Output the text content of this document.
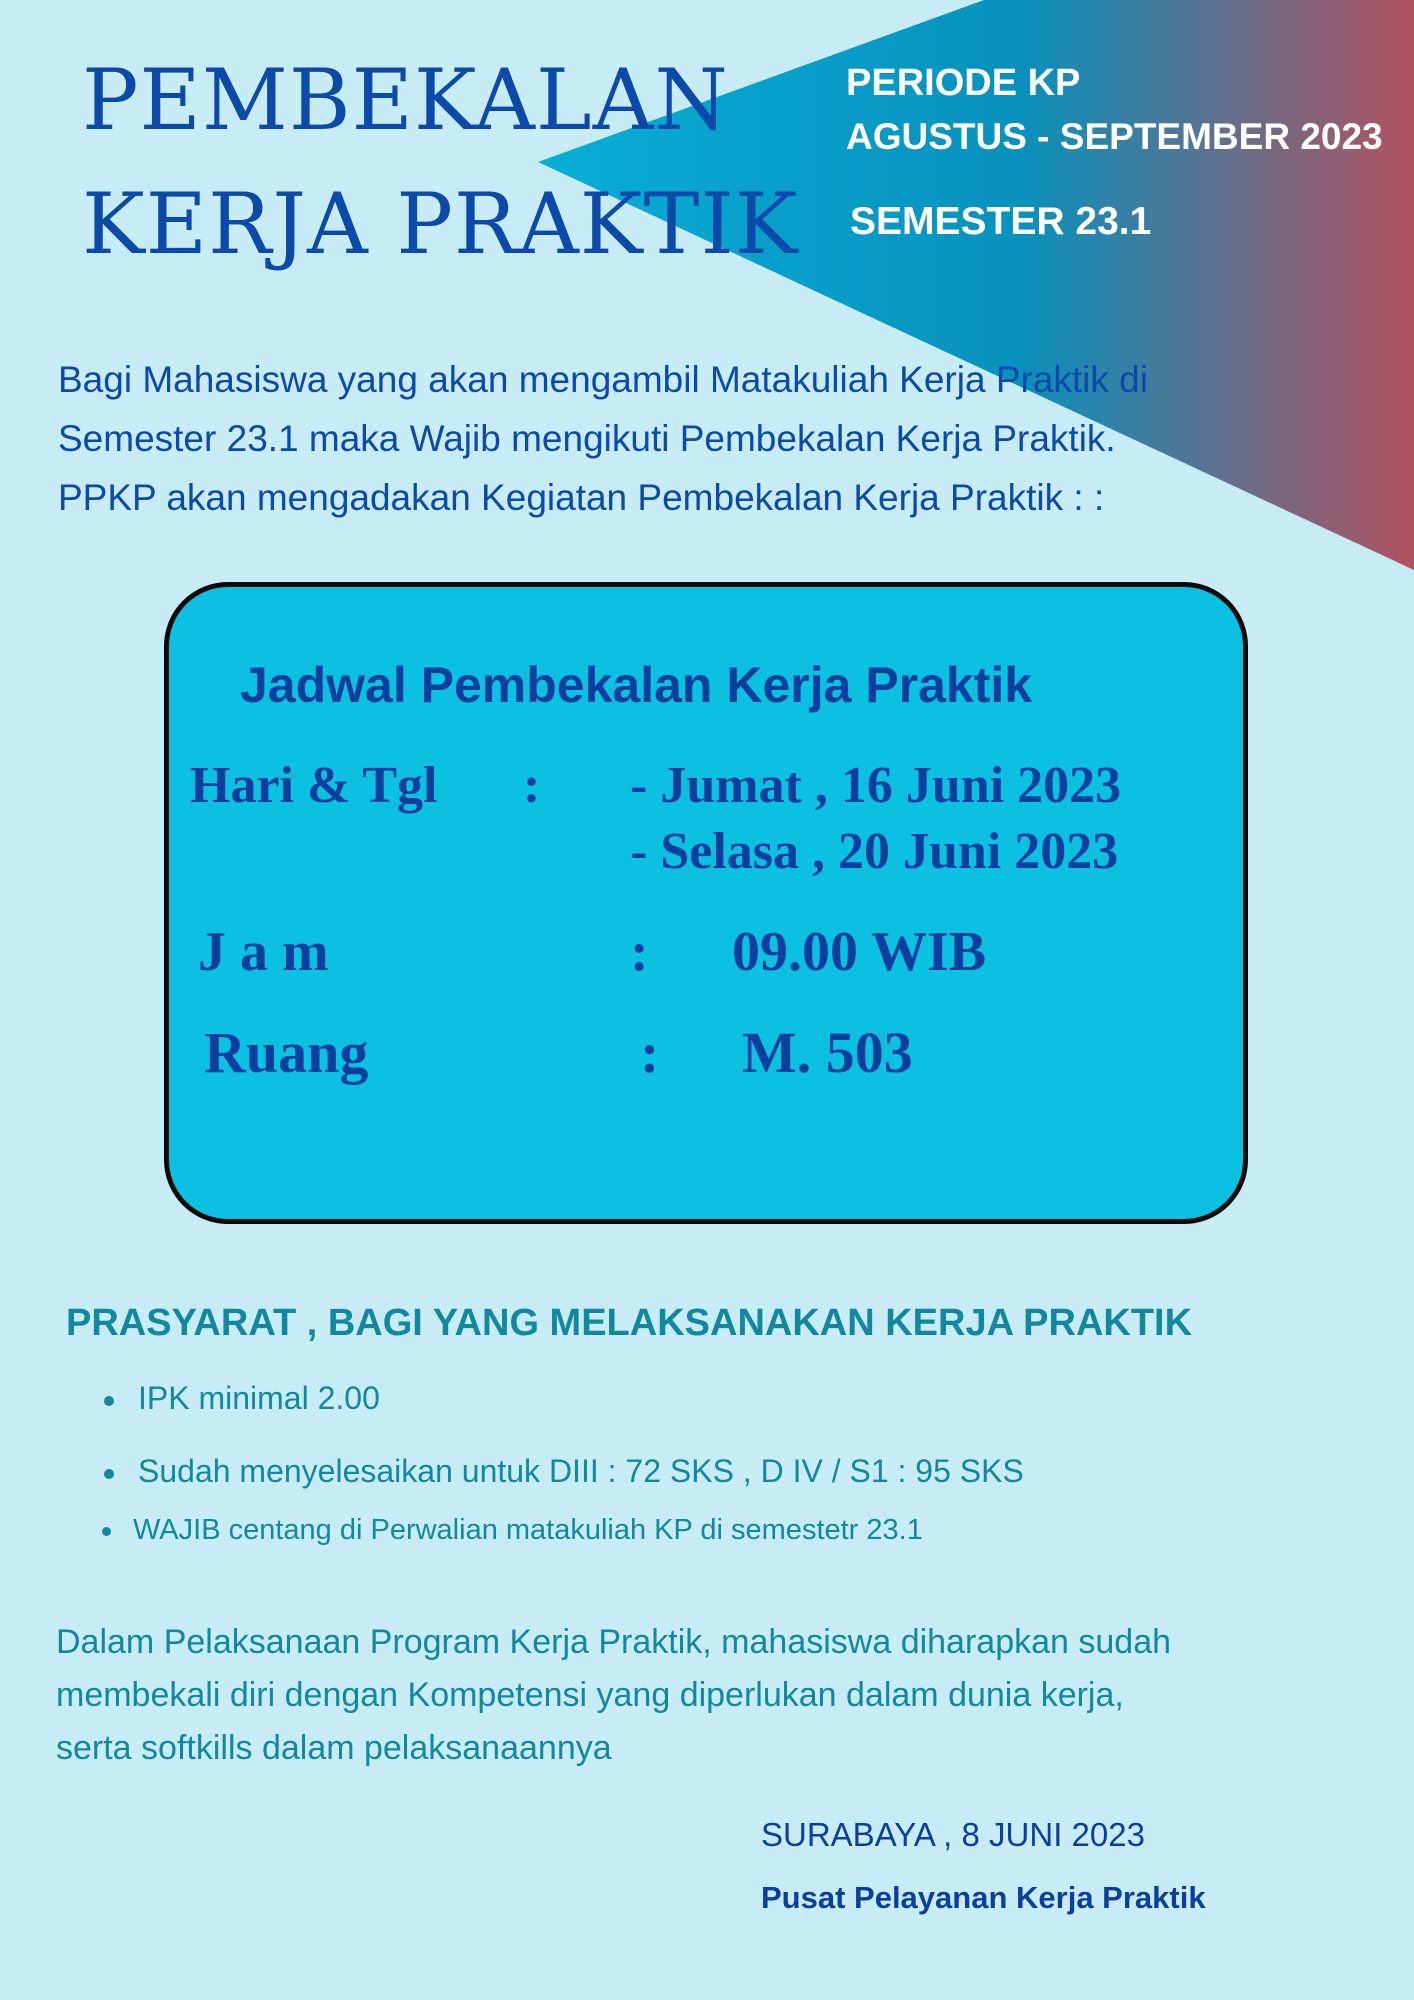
PEMBEKALAN
KERJA PRAKTIK
PERIODE KP
AGUSTUS - SEPTEMBER 2023
SEMESTER 23.1
Bagi Mahasiswa yang akan mengambil Matakuliah Kerja Praktik di
Semester 23.1 maka Wajib mengikuti Pembekalan Kerja Praktik.
PPKP akan mengadakan Kegiatan Pembekalan Kerja Praktik : :
Jadwal Pembekalan Kerja Praktik
Hari & Tgl : - Jumat , 16 Juni 2023
- Selasa , 20 Juni 2023
J a m	: 09.00 WIB
Ruang	: M. 503
PRASYARAT , BAGI YANG MELAKSANAKAN KERJA PRAKTIK
IPK minimal 2.00
Sudah menyelesaikan untuk DIII : 72 SKS , D IV / S1 : 95 SKS
WAJIB centang di Perwalian matakuliah KP di semestetr 23.1
Dalam Pelaksanaan Program Kerja Praktik, mahasiswa diharapkan sudah
membekali diri dengan Kompetensi yang diperlukan dalam dunia kerja,
serta softkills dalam pelaksanaannya
SURABAYA , 8 JUNI 2023
Pusat Pelayanan Kerja Praktik
